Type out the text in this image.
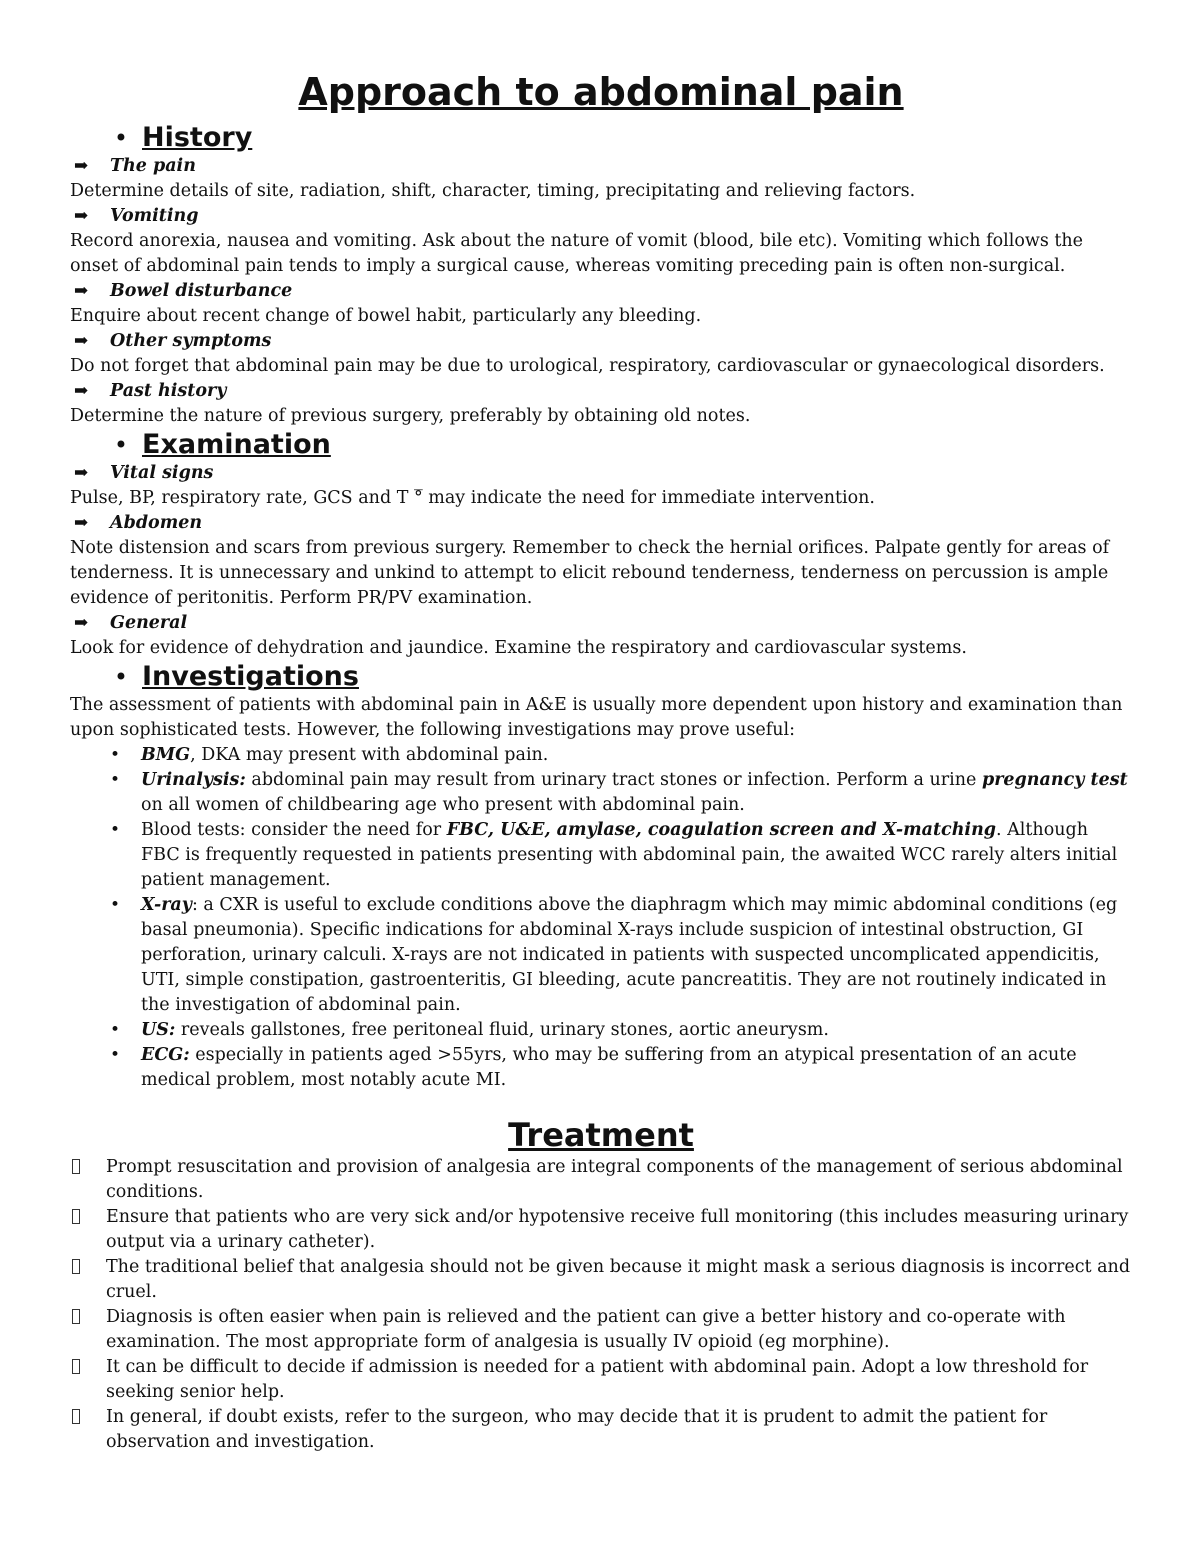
Approach to abdominal pain
• History
➡	The pain

Determine details of site, radiation, shift, character, timing, precipitating and relieving factors.

➡	Vomiting

Record anorexia, nausea and vomiting. Ask about the nature of vomit (blood, bile etc). Vomiting which follows the onset of abdominal pain tends to imply a surgical cause, whereas vomiting preceding pain is often non-surgical.

➡	Bowel disturbance

Enquire about recent change of bowel habit, particularly any bleeding.

➡	Other symptoms

Do not forget that abdominal pain may be due to urological, respiratory, cardiovascular or gynaecological disorders.

➡	Past history

Determine the nature of previous surgery, preferably by obtaining old notes.

• Examination
➡	Vital signs

Pulse, BP, respiratory rate, GCS and T °̅ may indicate the need for immediate intervention.

➡	Abdomen

Note distension and scars from previous surgery. Remember to check the hernial orifices. Palpate gently for areas of tenderness. It is unnecessary and unkind to attempt to elicit rebound tenderness, tenderness on percussion is ample evidence of peritonitis. Perform PR/PV examination.

➡	General

Look for evidence of dehydration and jaundice. Examine the respiratory and cardiovascular systems.

• Investigations

The assessment of patients with abdominal pain in A&E is usually more dependent upon history and examination than upon sophisticated tests. However, the following investigations may prove useful:

•	BMG, DKA may present with abdominal pain.
•	Urinalysis: abdominal pain may result from urinary tract stones or infection. Perform a urine pregnancy test on all women of childbearing age who present with abdominal pain.
•	Blood tests: consider the need for FBC, U&E, amylase, coagulation screen and X-matching. Although FBC is frequently requested in patients presenting with abdominal pain, the awaited WCC rarely alters initial patient management.
•	X-ray: a CXR is useful to exclude conditions above the diaphragm which may mimic abdominal conditions (eg basal pneumonia). Specific indications for abdominal X-rays include suspicion of intestinal obstruction, GI perforation, urinary calculi. X-rays are not indicated in patients with suspected uncomplicated appendicitis, UTI, simple constipation, gastroenteritis, GI bleeding, acute pancreatitis. They are not routinely indicated in the investigation of abdominal pain.
•	US: reveals gallstones, free peritoneal fluid, urinary stones, aortic aneurysm.
•	ECG: especially in patients aged >55yrs, who may be suffering from an atypical presentation of an acute medical problem, most notably acute MI.
Treatment
Prompt resuscitation and provision of analgesia are integral components of the management of serious abdominal conditions.
Ensure that patients who are very sick and/or hypotensive receive full monitoring (this includes measuring urinary output via a urinary catheter).
The traditional belief that analgesia should not be given because it might mask a serious diagnosis is incorrect and cruel.
Diagnosis is often easier when pain is relieved and the patient can give a better history and co-operate with examination. The most appropriate form of analgesia is usually IV opioid (eg morphine).
It can be difficult to decide if admission is needed for a patient with abdominal pain. Adopt a low threshold for seeking senior help.
In general, if doubt exists, refer to the surgeon, who may decide that it is prudent to admit the patient for observation and investigation.
